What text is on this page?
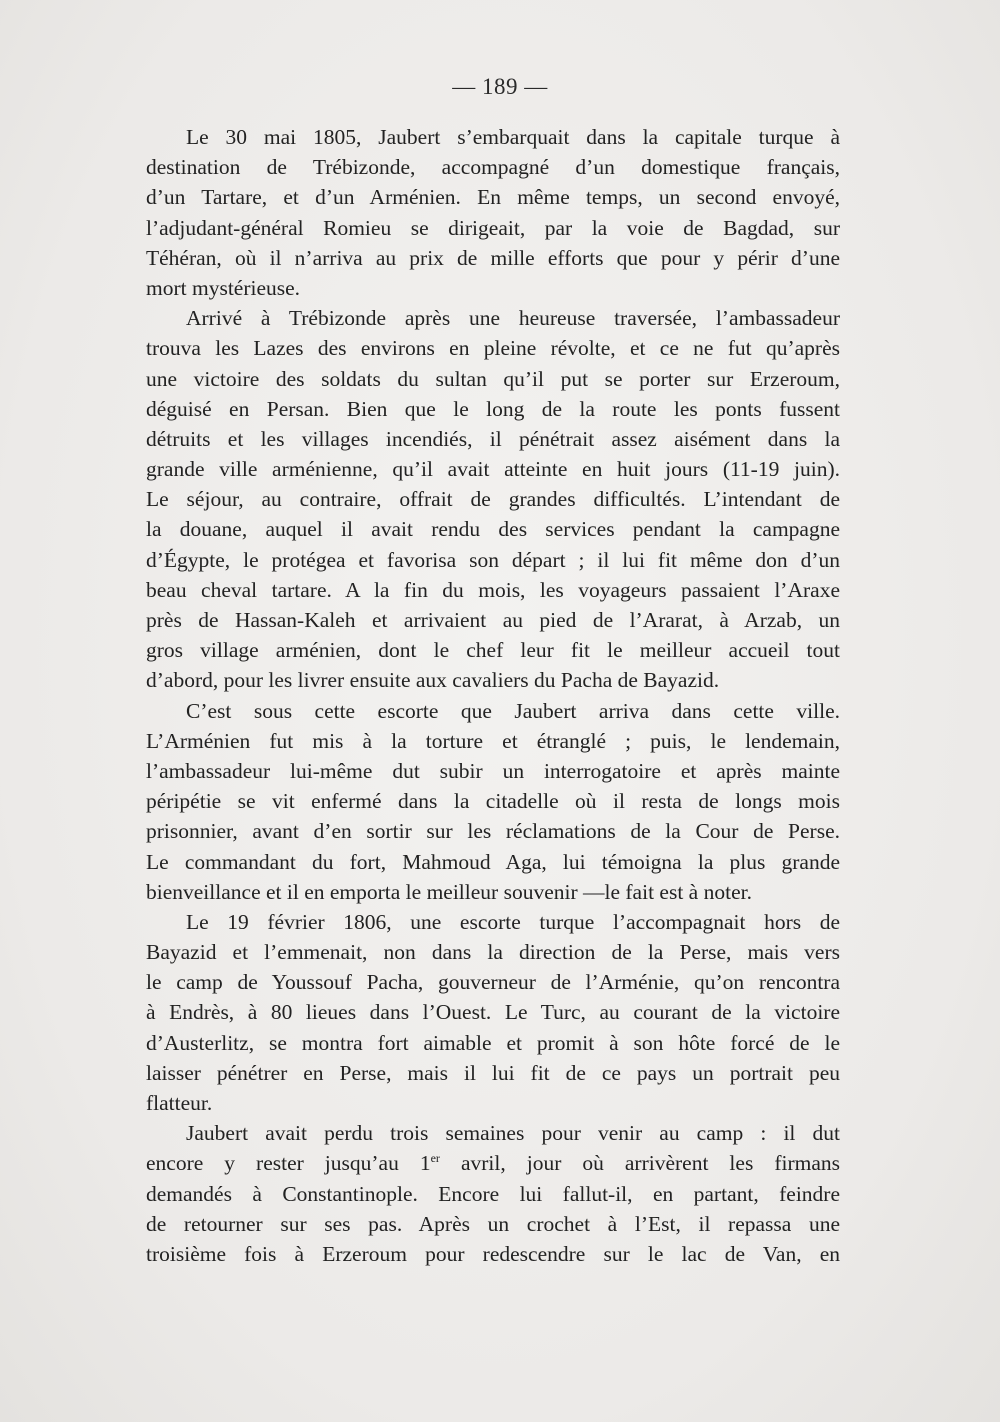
— 189 —

Le 30 mai 1805, Jaubert s’embarquait dans la capitale turque à
destination de Trébizonde, accompagné d’un domestique français,
d’un Tartare, et d’un Arménien. En même temps, un second envoyé,
l’adjudant-général Romieu se dirigeait, par la voie de Bagdad, sur
Téhéran, où il n’arriva au prix de mille efforts que pour y périr d’une
mort mystérieuse.

Arrivé à Trébizonde après une heureuse traversée, l’ambassadeur
trouva les Lazes des environs en pleine révolte, et ce ne fut qu’après
une victoire des soldats du sultan qu’il put se porter sur Erzeroum,
déguisé en Persan. Bien que le long de la route les ponts fussent
détruits et les villages incendiés, il pénétrait assez aisément dans la
grande ville arménienne, qu’il avait atteinte en huit jours (11-19 juin).
Le séjour, au contraire, offrait de grandes difficultés. L’intendant de
la douane, auquel il avait rendu des services pendant la campagne
d’Égypte, le protégea et favorisa son départ ; il lui fit même don d’un
beau cheval tartare. A la fin du mois, les voyageurs passaient l’Araxe
près de Hassan-Kaleh et arrivaient au pied de l’Ararat, à Arzab, un
gros village arménien, dont le chef leur fit le meilleur accueil tout
d’abord, pour les livrer ensuite aux cavaliers du Pacha de Bayazid.

C’est sous cette escorte que Jaubert arriva dans cette ville.
L’Arménien fut mis à la torture et étranglé ; puis, le lendemain,
l’ambassadeur lui-même dut subir un interrogatoire et après mainte
péripétie se vit enfermé dans la citadelle où il resta de longs mois
prisonnier, avant d’en sortir sur les réclamations de la Cour de Perse.
Le commandant du fort, Mahmoud Aga, lui témoigna la plus grande
bienveillance et il en emporta le meilleur souvenir —le fait est à noter.

Le 19 février 1806, une escorte turque l’accompagnait hors de
Bayazid et l’emmenait, non dans la direction de la Perse, mais vers
le camp de Youssouf Pacha, gouverneur de l’Arménie, qu’on rencontra
à Endrès, à 80 lieues dans l’Ouest. Le Turc, au courant de la victoire
d’Austerlitz, se montra fort aimable et promit à son hôte forcé de le
laisser pénétrer en Perse, mais il lui fit de ce pays un portrait peu
flatteur.

Jaubert avait perdu trois semaines pour venir au camp : il dut
encore y rester jusqu’au 1er avril, jour où arrivèrent les firmans
demandés à Constantinople. Encore lui fallut-il, en partant, feindre
de retourner sur ses pas. Après un crochet à l’Est, il repassa une
troisième fois à Erzeroum pour redescendre sur le lac de Van, en
